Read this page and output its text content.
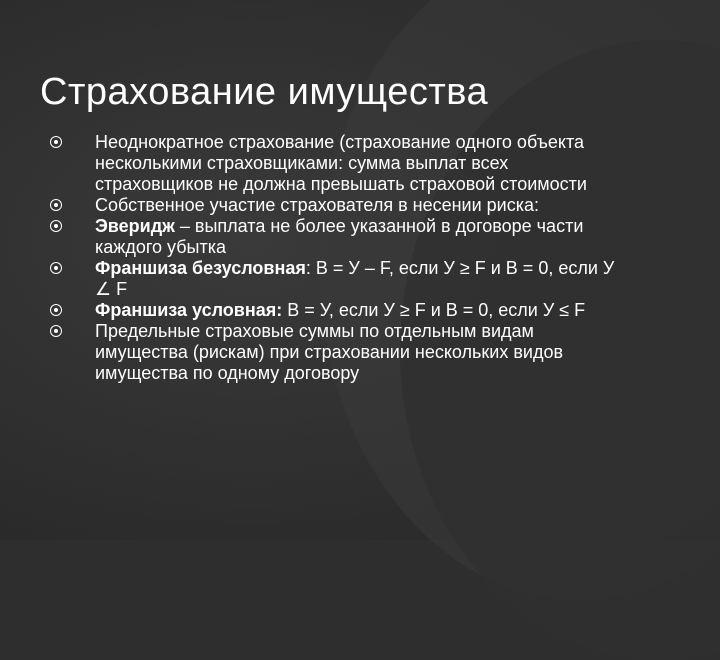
Страхование имущества
Неоднократное страхование (страхование одного объекта несколькими страховщиками: сумма выплат всех страховщиков не должна превышать страховой стоимости
Собственное участие страхователя в несении риска:
Эверидж – выплата не более указанной в договоре части каждого убытка
Франшиза безусловная: В = У – F, если У ≥ F и В = 0, если У ∠ F
Франшиза условная: В = У, если У ≥ F и В = 0, если У ≤ F
Предельные страховые суммы по отдельным видам имущества (рискам) при страховании нескольких видов имущества по одному договору
